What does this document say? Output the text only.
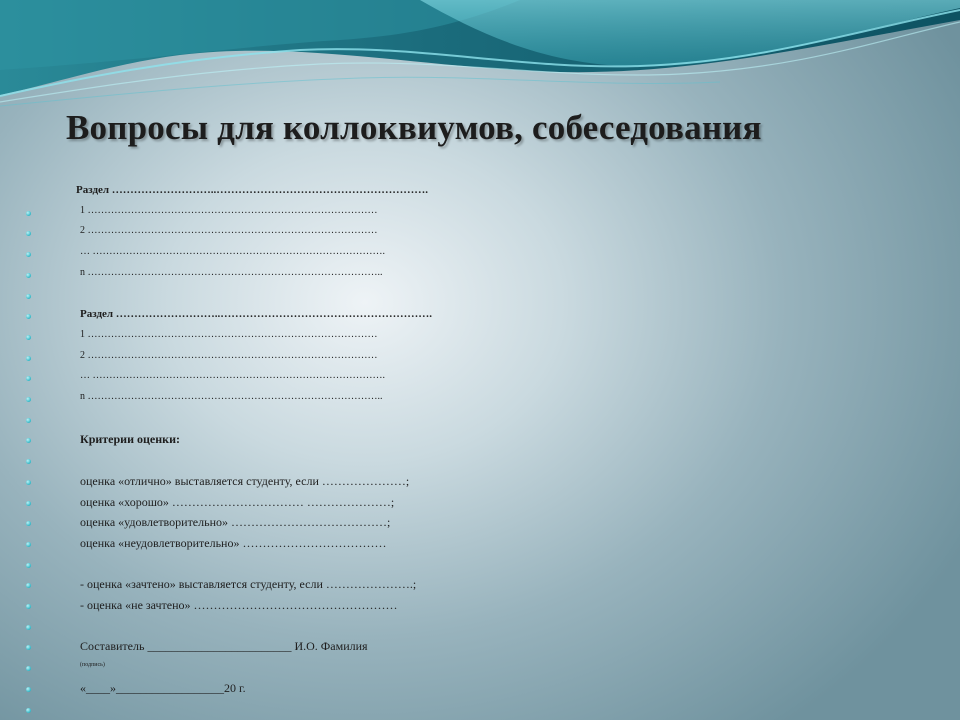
Вопросы для коллоквиумов, собеседования
Раздел ………………………..………………………………………………….
1 ……………………………………………………………………………
2 ……………………………………………………………………………
… …………………………………………………………………………….
n ……………………………………………………………………………..
Раздел ………………………..………………………………………………….
1 ……………………………………………………………………………
2 ……………………………………………………………………………
… …………………………………………………………………………….
n ……………………………………………………………………………..
Критерии оценки:
оценка «отлично» выставляется студенту, если …………………;
оценка «хорошо» …………………………… …………………;
оценка «удовлетворительно» …………………………………;
оценка «неудовлетворительно» ………………………………
- оценка «зачтено» выставляется студенту, если ………………….;
- оценка «не зачтено» ……………………………………………
Составитель ________________________ И.О. Фамилия
(подпись)
«____»__________________20 г.
